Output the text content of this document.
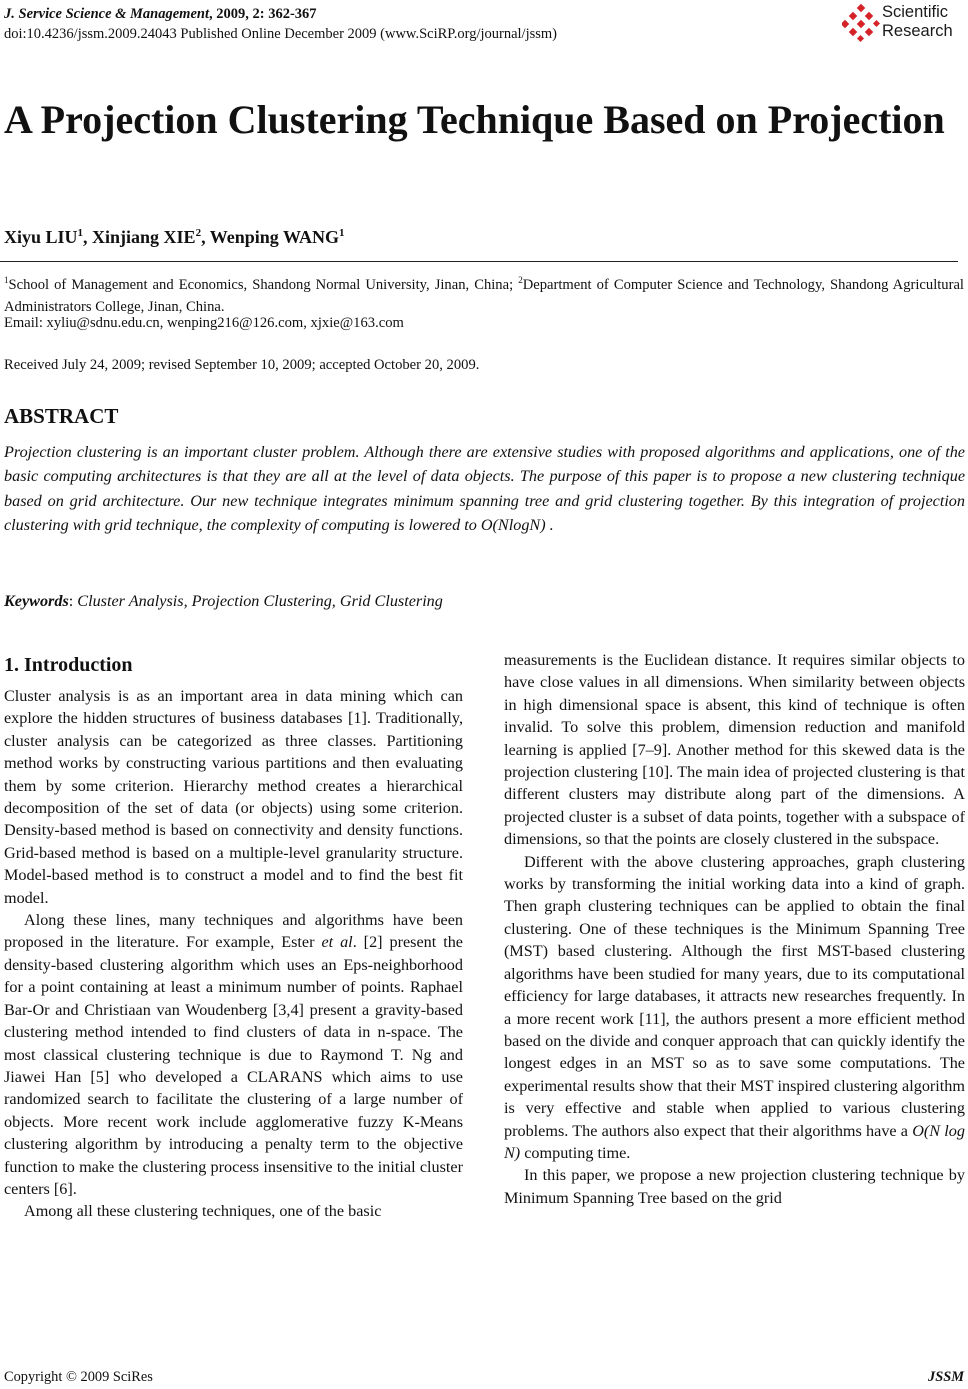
J. Service Science & Management, 2009, 2: 362-367
doi:10.4236/jssm.2009.24043 Published Online December 2009 (www.SciRP.org/journal/jssm)
Scientific
Research
A Projection Clustering Technique Based on Projection
Xiyu LIU$^1$, Xinjiang XIE$^2$, Wenping WANG$^1$
$^1$School of Management and Economics, Shandong Normal University, Jinan, China; $^2$Department of Computer Science and Technology, Shandong Agricultural Administrators College, Jinan, China.
Email: xyliu@sdnu.edu.cn, wenping216@126.com, xjxie@163.com
Received July 24, 2009; revised September 10, 2009; accepted October 20, 2009.
ABSTRACT

Projection clustering is an important cluster problem. Although there are extensive studies with proposed algorithms and applications, one of the basic computing architectures is that they are all at the level of data objects. The purpose of this paper is to propose a new clustering technique based on grid architecture. Our new technique integrates minimum spanning tree and grid clustering together. By this integration of projection clustering with grid technique, the complexity of computing is lowered to O(NlogN) .

Keywords: Cluster Analysis, Projection Clustering, Grid Clustering
1. Introduction

Cluster analysis is as an important area in data mining which can explore the hidden structures of business databases [1]. Traditionally, cluster analysis can be categorized as three classes. Partitioning method works by constructing various partitions and then evaluating them by some criterion. Hierarchy method creates a hierarchical decomposition of the set of data (or objects) using some criterion. Density-based method is based on connectivity and density functions. Grid-based method is based on a multiple-level granularity structure. Model-based method is to construct a model and to find the best fit model.

Along these lines, many techniques and algorithms have been proposed in the literature. For example, Ester et al. [2] present the density-based clustering algorithm which uses an Eps-neighborhood for a point containing at least a minimum number of points. Raphael Bar-Or and Christiaan van Woudenberg [3,4] present a gravity-based clustering method intended to find clusters of data in n-space. The most classical clustering technique is due to Raymond T. Ng and Jiawei Han [5] who developed a CLARANS which aims to use randomized search to facilitate the clustering of a large number of objects. More recent work include agglomerative fuzzy K-Means clustering algorithm by introducing a penalty term to the objective function to make the clustering process insensitive to the initial cluster centers [6].

Among all these clustering techniques, one of the basic

measurements is the Euclidean distance. It requires similar objects to have close values in all dimensions. When similarity between objects in high dimensional space is absent, this kind of technique is often invalid. To solve this problem, dimension reduction and manifold learning is applied [7–9]. Another method for this skewed data is the projection clustering [10]. The main idea of projected clustering is that different clusters may distribute along part of the dimensions. A projected cluster is a subset of data points, together with a subspace of dimensions, so that the points are closely clustered in the subspace.

Different with the above clustering approaches, graph clustering works by transforming the initial working data into a kind of graph. Then graph clustering techniques can be applied to obtain the final clustering. One of these techniques is the Minimum Spanning Tree (MST) based clustering. Although the first MST-based clustering algorithms have been studied for many years, due to its computational efficiency for large databases, it attracts new researches frequently. In a more recent work [11], the authors present a more efficient method based on the divide and conquer approach that can quickly identify the longest edges in an MST so as to save some computations. The experimental results show that their MST inspired clustering algorithm is very effective and stable when applied to various clustering problems. The authors also expect that their algorithms have a O(N log N) computing time.

In this paper, we propose a new projection clustering technique by Minimum Spanning Tree based on the grid

Copyright © 2009 SciRes	JSSM
